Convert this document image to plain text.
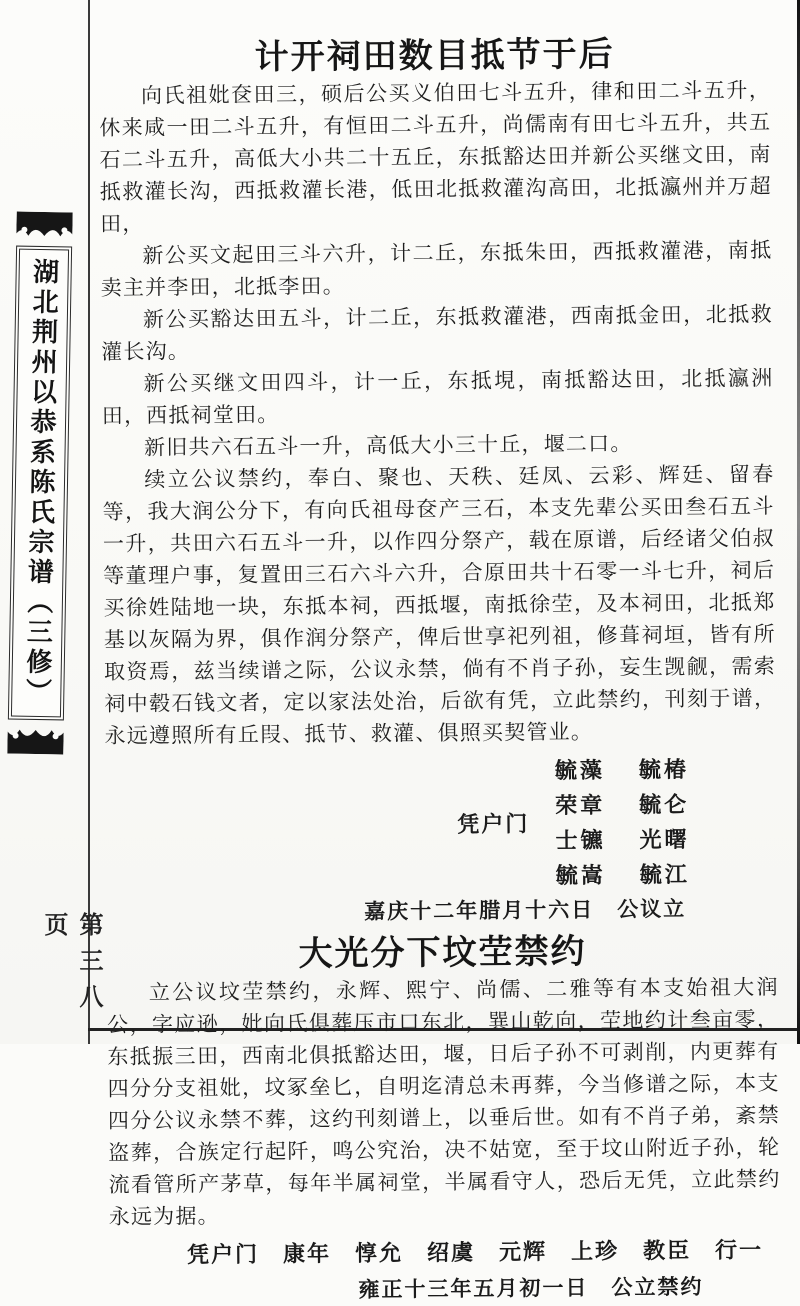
湖北荆州以恭系陈氏宗谱（三修）
第三八页
计开祠田数目抵节于后

向氏祖妣奁田三，硕后公买义伯田七斗五升，律和田二斗五升，休来咸一田二斗五升，有恒田二斗五升，尚儒南有田七斗五升，共五石二斗五升，高低大小共二十五丘，东抵豁达田并新公买继文田，南抵救灌长沟，西抵救灌长港，低田北抵救灌沟高田，北抵瀛州并万超田，

新公买文起田三斗六升，计二丘，东抵朱田，西抵救灌港，南抵卖主并李田，北抵李田。

新公买豁达田五斗，计二丘，东抵救灌港，西南抵金田，北抵救灌长沟。

新公买继文田四斗，计一丘，东抵垷，南抵豁达田，北抵瀛洲田，西抵祠堂田。

新旧共六石五斗一升，高低大小三十丘，堰二口。

续立公议禁约，奉白、聚也、天秩、廷凤、云彩、辉廷、留春等，我大润公分下，有向氏祖母奁产三石，本支先辈公买田叁石五斗一升，共田六石五斗一升，以作四分祭产，载在原谱，后经诸父伯叔等董理户事，复置田三石六斗六升，合原田共十石零一斗七升，祠后买徐姓陆地一块，东抵本祠，西抵堰，南抵徐茔，及本祠田，北抵郑基以灰隔为界，俱作润分祭产，俾后世享祀列祖，修葺祠垣，皆有所取资焉，兹当续谱之际，公议永禁，倘有不肖子孙，妄生觊觎，需索祠中毂石钱文者，定以家法处治，后欲有凭，立此禁约，刊刻于谱，永远遵照所有丘叚、抵节、救灌、俱照买契管业。

凭户门
毓藻 毓椿
荣章 毓仑
士镳 光曙
毓嵩 毓江
嘉庆十二年腊月十六日　公议立
大光分下坟茔禁约

立公议坟茔禁约，永辉、熙宁、尚儒、二雅等有本支始祖大润公，字应逊，妣向氏俱葬压市口东北，巽山乾向，茔地约计叁亩零，东抵振三田，西南北俱抵豁达田，堰，日后子孙不可剥削，内更葬有四分分支祖妣，坟冢垒匕，自明迄清总未再葬，今当修谱之际，本支四分公议永禁不葬，这约刊刻谱上，以垂后世。如有不肖子弟，紊禁盗葬，合族定行起阡，鸣公究治，决不姑宽，至于坟山附近子孙，轮流看管所产茅草，每年半属祠堂，半属看守人，恐后无凭，立此禁约永远为据。

凭户门　康年　惇允　绍虞　元辉　上珍　教臣　行一
雍正十三年五月初一日　公立禁约
